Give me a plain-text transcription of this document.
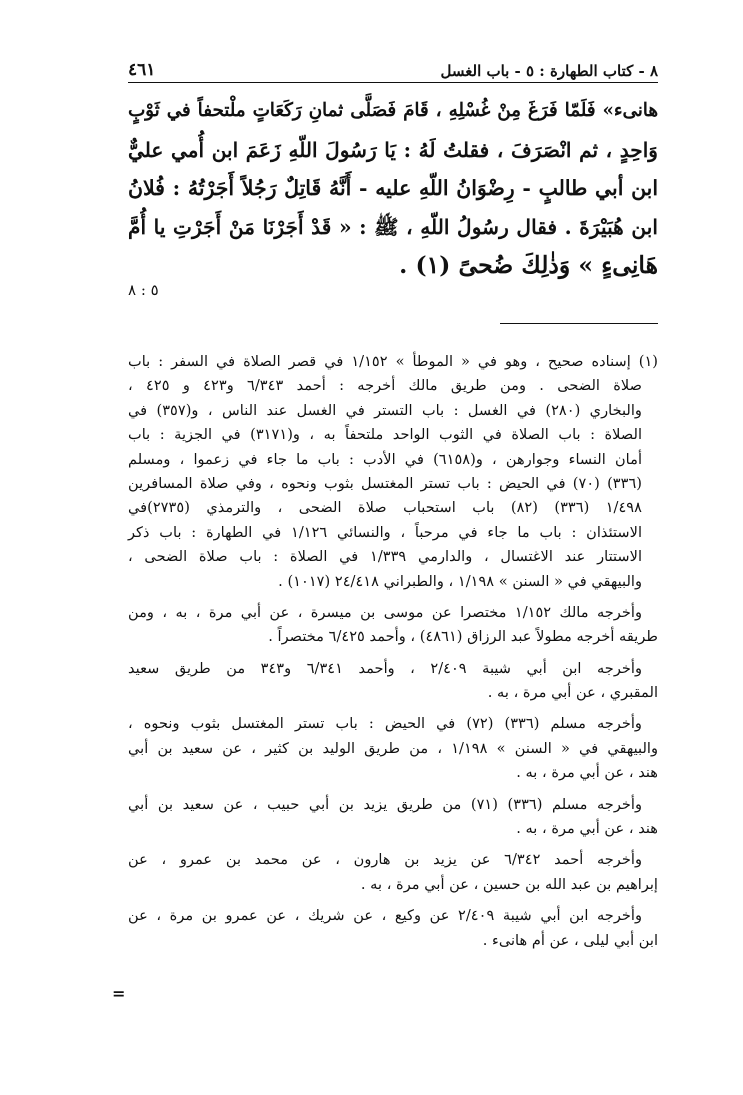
٨ - كتاب الطهارة : ٥ - باب الغسل
٤٦١
هانىء» فَلَمّا فَرَغَ مِنْ غُسْلِهِ ، قَامَ فَصَلَّى ثمانِ رَكَعَاتٍ ملْتحفاً في ثَوْبٍ
وَاحِدٍ ، ثم انْصَرَفَ ، فقلتُ لَهُ : يَا رَسُولَ اللّهِ زَعَمَ ابن أُمي عليٌّ
ابن أبي طالبٍ - رِضْوَانُ اللّهِ عليه - أَنَّهُ قَاتِلٌ رَجُلاً أَجَرْتُهُ : فُلانُ
ابن هُبَيْرَةَ . فقال رسُولُ اللّهِ ، ﷺ : « قَدْ أَجَرْنَا مَنْ أَجَرْتِ يا أُمَّ
هَانِىءٍ » وَذٰلِكَ ضُحىً (١) .
٥ : ٨
(١) إسناده صحيح ، وهو في « الموطأ » ١/١٥٢ في قصر الصلاة في السفر : باب
صلاة الضحى . ومن طريق مالك أخرجه : أحمد ٦/٣٤٣ و٤٢٣ و ٤٢٥ ،
والبخاري (٢٨٠) في الغسل : باب التستر في الغسل عند الناس ، و(٣٥٧) في
الصلاة : باب الصلاة في الثوب الواحد ملتحفاً به ، و(٣١٧١) في الجزية : باب
أمان النساء وجوارهن ، و(٦١٥٨) في الأدب : باب ما جاء في زعموا ، ومسلم
(٣٣٦) (٧٠) في الحيض : باب تستر المغتسل بثوب ونحوه ، وفي صلاة المسافرين
١/٤٩٨ (٣٣٦) (٨٢) باب استحباب صلاة الضحى ، والترمذي (٢٧٣٥)في
الاستئذان : باب ما جاء في مرحباً ، والنسائي ١/١٢٦ في الطهارة : باب ذكر
الاستتار عند الاغتسال ، والدارمي ١/٣٣٩ في الصلاة : باب صلاة الضحى ،
والبيهقي في « السنن » ١/١٩٨ ، والطبراني ٢٤/٤١٨ (١٠١٧) .
وأخرجه مالك ١/١٥٢ مختصرا عن موسى بن ميسرة ، عن أبي مرة ، به ، ومن
طريقه أخرجه مطولاً عبد الرزاق (٤٨٦١) ، وأحمد ٦/٤٢٥ مختصراً .
وأخرجه ابن أبي شيبة ٢/٤٠٩ ، وأحمد ٦/٣٤١ و٣٤٣ من طريق سعيد
المقبري ، عن أبي مرة ، به .
وأخرجه مسلم (٣٣٦) (٧٢) في الحيض : باب تستر المغتسل بثوب ونحوه ،
والبيهقي في « السنن » ١/١٩٨ ، من طريق الوليد بن كثير ، عن سعيد بن أبي
هند ، عن أبي مرة ، به .
وأخرجه مسلم (٣٣٦) (٧١) من طريق يزيد بن أبي حبيب ، عن سعيد بن أبي
هند ، عن أبي مرة ، به .
وأخرجه أحمد ٦/٣٤٢ عن يزيد بن هارون ، عن محمد بن عمرو ، عن
إبراهيم بن عبد الله بن حسين ، عن أبي مرة ، به .
وأخرجه ابن أبي شيبة ٢/٤٠٩ عن وكيع ، عن شريك ، عن عمرو بن مرة ، عن
ابن أبي ليلى ، عن أم هانىء .
=
